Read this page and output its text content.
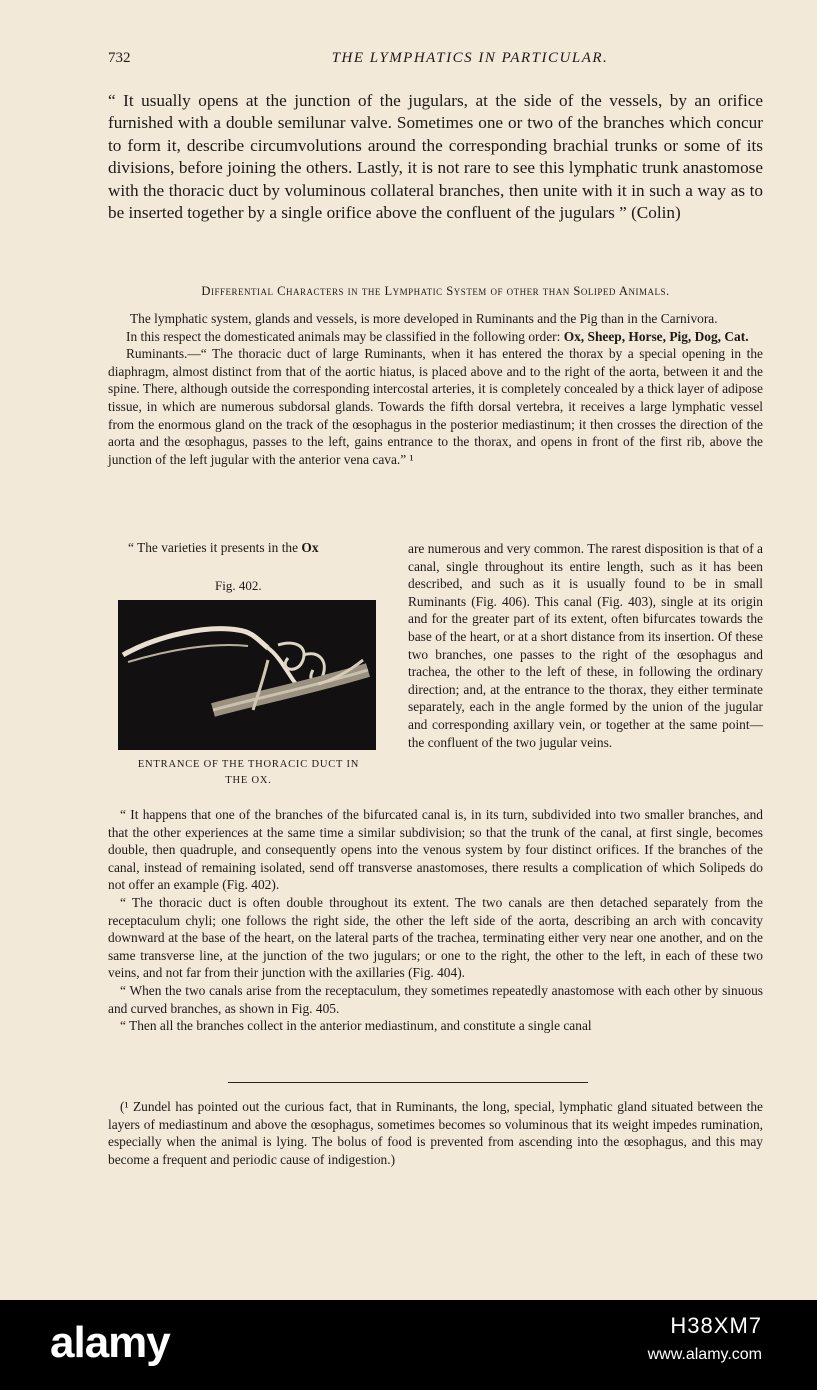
732	THE LYMPHATICS IN PARTICULAR.

“ It usually opens at the junction of the jugulars, at the side of the vessels, by an orifice furnished with a double semilunar valve. Sometimes one or two of the branches which concur to form it, describe circumvolutions around the corresponding brachial trunks or some of its divisions, before joining the others. Lastly, it is not rare to see this lymphatic trunk anastomose with the thoracic duct by voluminous collateral branches, then unite with it in such a way as to be inserted together by a single orifice above the confluent of the jugulars ” (Colin)

Differential Characters in the Lymphatic System of other than Soliped Animals.

The lymphatic system, glands and vessels, is more developed in Ruminants and the Pig than in the Carnivora.

In this respect the domesticated animals may be classified in the following order: Ox, Sheep, Horse, Pig, Dog, Cat.

Ruminants.—“ The thoracic duct of large Ruminants, when it has entered the thorax by a special opening in the diaphragm, almost distinct from that of the aortic hiatus, is placed above and to the right of the aorta, between it and the spine. There, although outside the corresponding intercostal arteries, it is completely concealed by a thick layer of adipose tissue, in which are numerous subdorsal glands. Towards the fifth dorsal vertebra, it receives a large lymphatic vessel from the enormous gland on the track of the œsophagus in the posterior mediastinum; it then crosses the direction of the aorta and the œsophagus, passes to the left, gains entrance to the thorax, and opens in front of the first rib, above the junction of the left jugular with the anterior vena cava.” ¹

“ The varieties it presents in the Ox	are numerous and very common. The rarest disposition is that of a canal, single throughout its entire length, such as it has been described, and such as it is usually found to be in small Ruminants (Fig. 406). This canal (Fig. 403), single at its origin and for the greater part of its extent, often bifurcates towards the base of the heart, or at a short distance from its insertion. Of these two branches, one passes to the right of the œsophagus and trachea, the other to the left of these, in following the ordinary direction; and, at the entrance to the thorax, they either terminate separately, each in the angle formed by the union of the jugular and corresponding axillary vein, or together at the same point—the confluent of the two jugular veins.

Fig. 402.
ENTRANCE OF THE THORACIC DUCT IN
THE OX.

“ It happens that one of the branches of the bifurcated canal is, in its turn, subdivided into two smaller branches, and that the other experiences at the same time a similar subdivision; so that the trunk of the canal, at first single, becomes double, then quadruple, and consequently opens into the venous system by four distinct orifices. If the branches of the canal, instead of remaining isolated, send off transverse anastomoses, there results a complication of which Solipeds do not offer an example (Fig. 402).

“ The thoracic duct is often double throughout its extent. The two canals are then detached separately from the receptaculum chyli; one follows the right side, the other the left side of the aorta, describing an arch with concavity downward at the base of the heart, on the lateral parts of the trachea, terminating either very near one another, and on the same transverse line, at the junction of the two jugulars; or one to the right, the other to the left, in each of these two veins, and not far from their junction with the axillaries (Fig. 404).

“ When the two canals arise from the receptaculum, they sometimes repeatedly anastomose with each other by sinuous and curved branches, as shown in Fig. 405.

“ Then all the branches collect in the anterior mediastinum, and constitute a single canal

(¹ Zundel has pointed out the curious fact, that in Ruminants, the long, special, lymphatic gland situated between the layers of mediastinum and above the œsophagus, sometimes becomes so voluminous that its weight impedes rumination, especially when the animal is lying. The bolus of food is prevented from ascending into the œsophagus, and this may become a frequent and periodic cause of indigestion.)

alamy	H38XM7
www.alamy.com
